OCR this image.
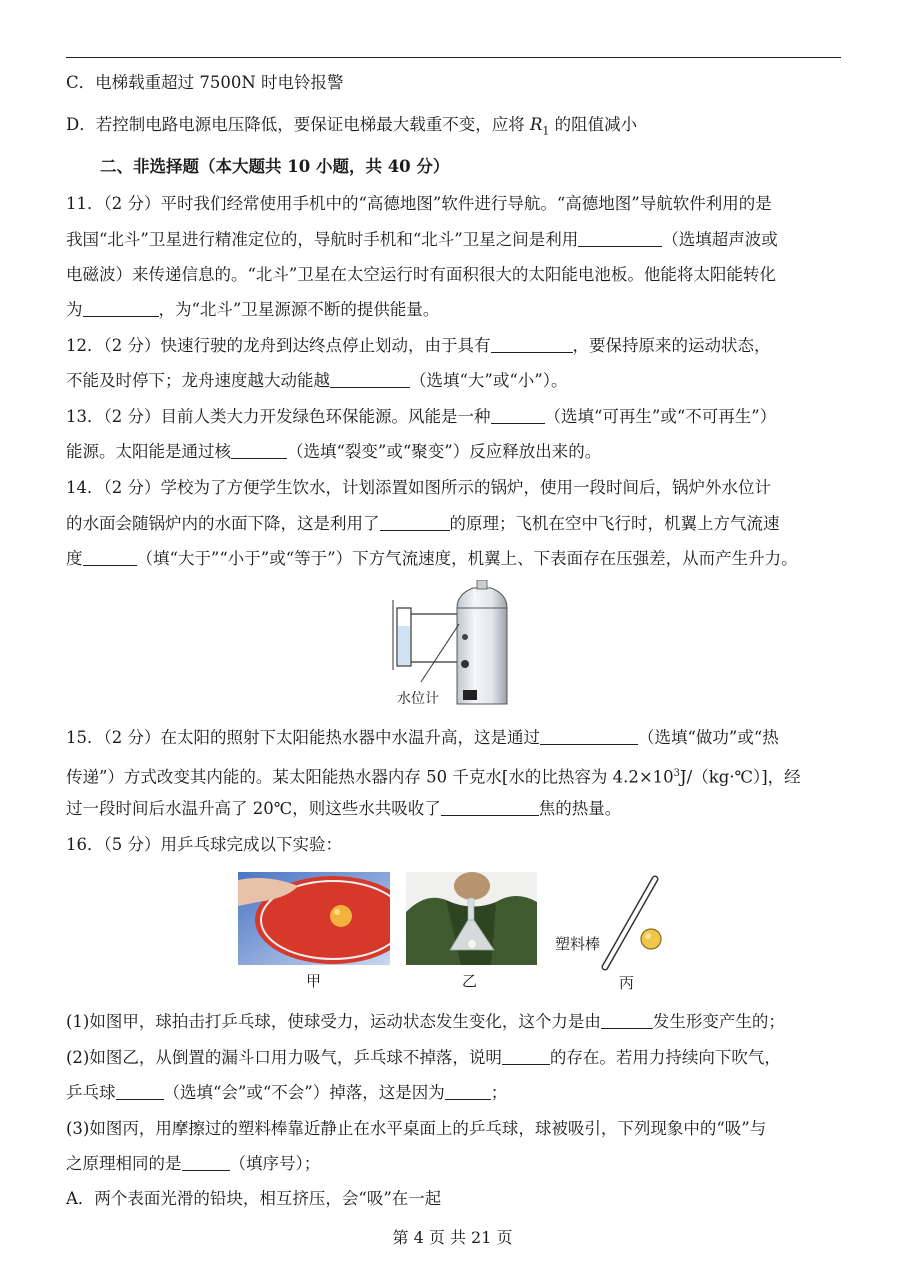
C．电梯载重超过 7500N 时电铃报警
D．若控制电路电源电压降低，要保证电梯最大载重不变，应将 $R_1$ 的阻值减小
二、非选择题（本大题共 10 小题，共 40 分）
11．（2 分）平时我们经常使用手机中的“高德地图”软件进行导航。“高德地图”导航软件利用的是
我国“北斗”卫星进行精准定位的，导航时手机和“北斗”卫星之间是利用	（选填超声波或
电磁波）来传递信息的。“北斗”卫星在太空运行时有面积很大的太阳能电池板。他能将太阳能转化
为	，为“北斗”卫星源源不断的提供能量。
12．（2 分）快速行驶的龙舟到达终点停止划动，由于具有	，要保持原来的运动状态，
不能及时停下；龙舟速度越大动能越	（选填“大”或“小”）。
13．（2 分）目前人类大力开发绿色环保能源。风能是一种	（选填“可再生”或“不可再生”）
能源。太阳能是通过核	（选填“裂变”或“聚变”）反应释放出来的。
14．（2 分）学校为了方便学生饮水，计划添置如图所示的锅炉，使用一段时间后，锅炉外水位计
的水面会随锅炉内的水面下降，这是利用了	的原理；飞机在空中飞行时，机翼上方气流速
度	（填“大于”“小于”或“等于”）下方气流速度，机翼上、下表面存在压强差，从而产生升力。
水位计
15．（2 分）在太阳的照射下太阳能热水器中水温升高，这是通过	（选填“做功”或“热
传递”）方式改变其内能的。某太阳能热水器内存 50 千克水[水的比热容为 $4.2\times 10^3J/(kg\cdot℃)$]，经
过一段时间后水温升高了 20℃，则这些水共吸收了	焦的热量。
16．（5 分）用乒乓球完成以下实验：
甲	乙
塑料棒
丙
(1)如图甲，球拍击打乒乓球，使球受力，运动状态发生变化，这个力是由	发生形变产生的；
(2)如图乙，从倒置的漏斗口用力吸气，乒乓球不掉落，说明	的存在。若用力持续向下吹气，
乒乓球	（选填“会”或“不会”）掉落，这是因为	；
(3)如图丙，用摩擦过的塑料棒靠近静止在水平桌面上的乒乓球，球被吸引，下列现象中的“吸”与
之原理相同的是	（填序号）；
A．两个表面光滑的铅块，相互挤压，会“吸”在一起
第 4 页 共 21 页
